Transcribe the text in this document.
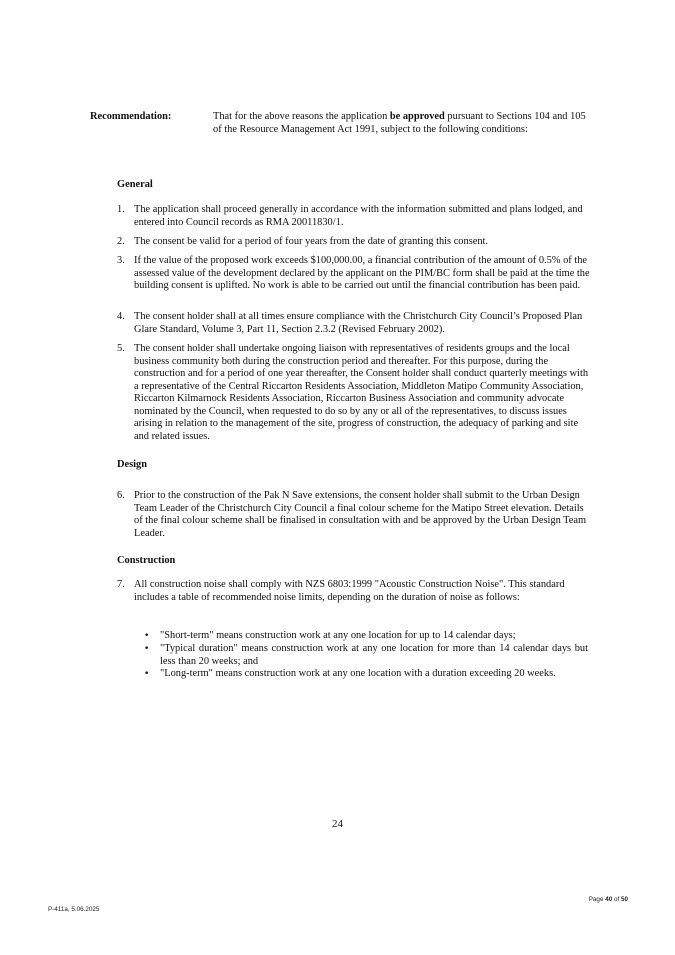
Recommendation:	That for the above reasons the application be approved pursuant to Sections 104 and 105 of the Resource Management Act 1991, subject to the following conditions:
General
1. The application shall proceed generally in accordance with the information submitted and plans lodged, and entered into Council records as RMA 20011830/1.
2. The consent be valid for a period of four years from the date of granting this consent.
3. If the value of the proposed work exceeds $100,000.00, a financial contribution of the amount of 0.5% of the assessed value of the development declared by the applicant on the PIM/BC form shall be paid at the time the building consent is uplifted. No work is able to be carried out until the financial contribution has been paid.
4. The consent holder shall at all times ensure compliance with the Christchurch City Council’s Proposed Plan Glare Standard, Volume 3, Part 11, Section 2.3.2 (Revised February 2002).
5. The consent holder shall undertake ongoing liaison with representatives of residents groups and the local business community both during the construction period and thereafter. For this purpose, during the construction and for a period of one year thereafter, the Consent holder shall conduct quarterly meetings with a representative of the Central Riccarton Residents Association, Middleton Matipo Community Association, Riccarton Kilmarnock Residents Association, Riccarton Business Association and community advocate nominated by the Council, when requested to do so by any or all of the representatives, to discuss issues arising in relation to the management of the site, progress of construction, the adequacy of parking and site and related issues.
Design
6. Prior to the construction of the Pak N Save extensions, the consent holder shall submit to the Urban Design Team Leader of the Christchurch City Council a final colour scheme for the Matipo Street elevation. Details of the final colour scheme shall be finalised in consultation with and be approved by the Urban Design Team Leader.
Construction
7. All construction noise shall comply with NZS 6803:1999 "Acoustic Construction Noise". This standard includes a table of recommended noise limits, depending on the duration of noise as follows:
• "Short-term" means construction work at any one location for up to 14 calendar days;
• "Typical duration" means construction work at any one location for more than 14 calendar days but less than 20 weeks; and
• "Long-term" means construction work at any one location with a duration exceeding 20 weeks.
24
P-411a, 5.06.2025
Page 40 of 50
